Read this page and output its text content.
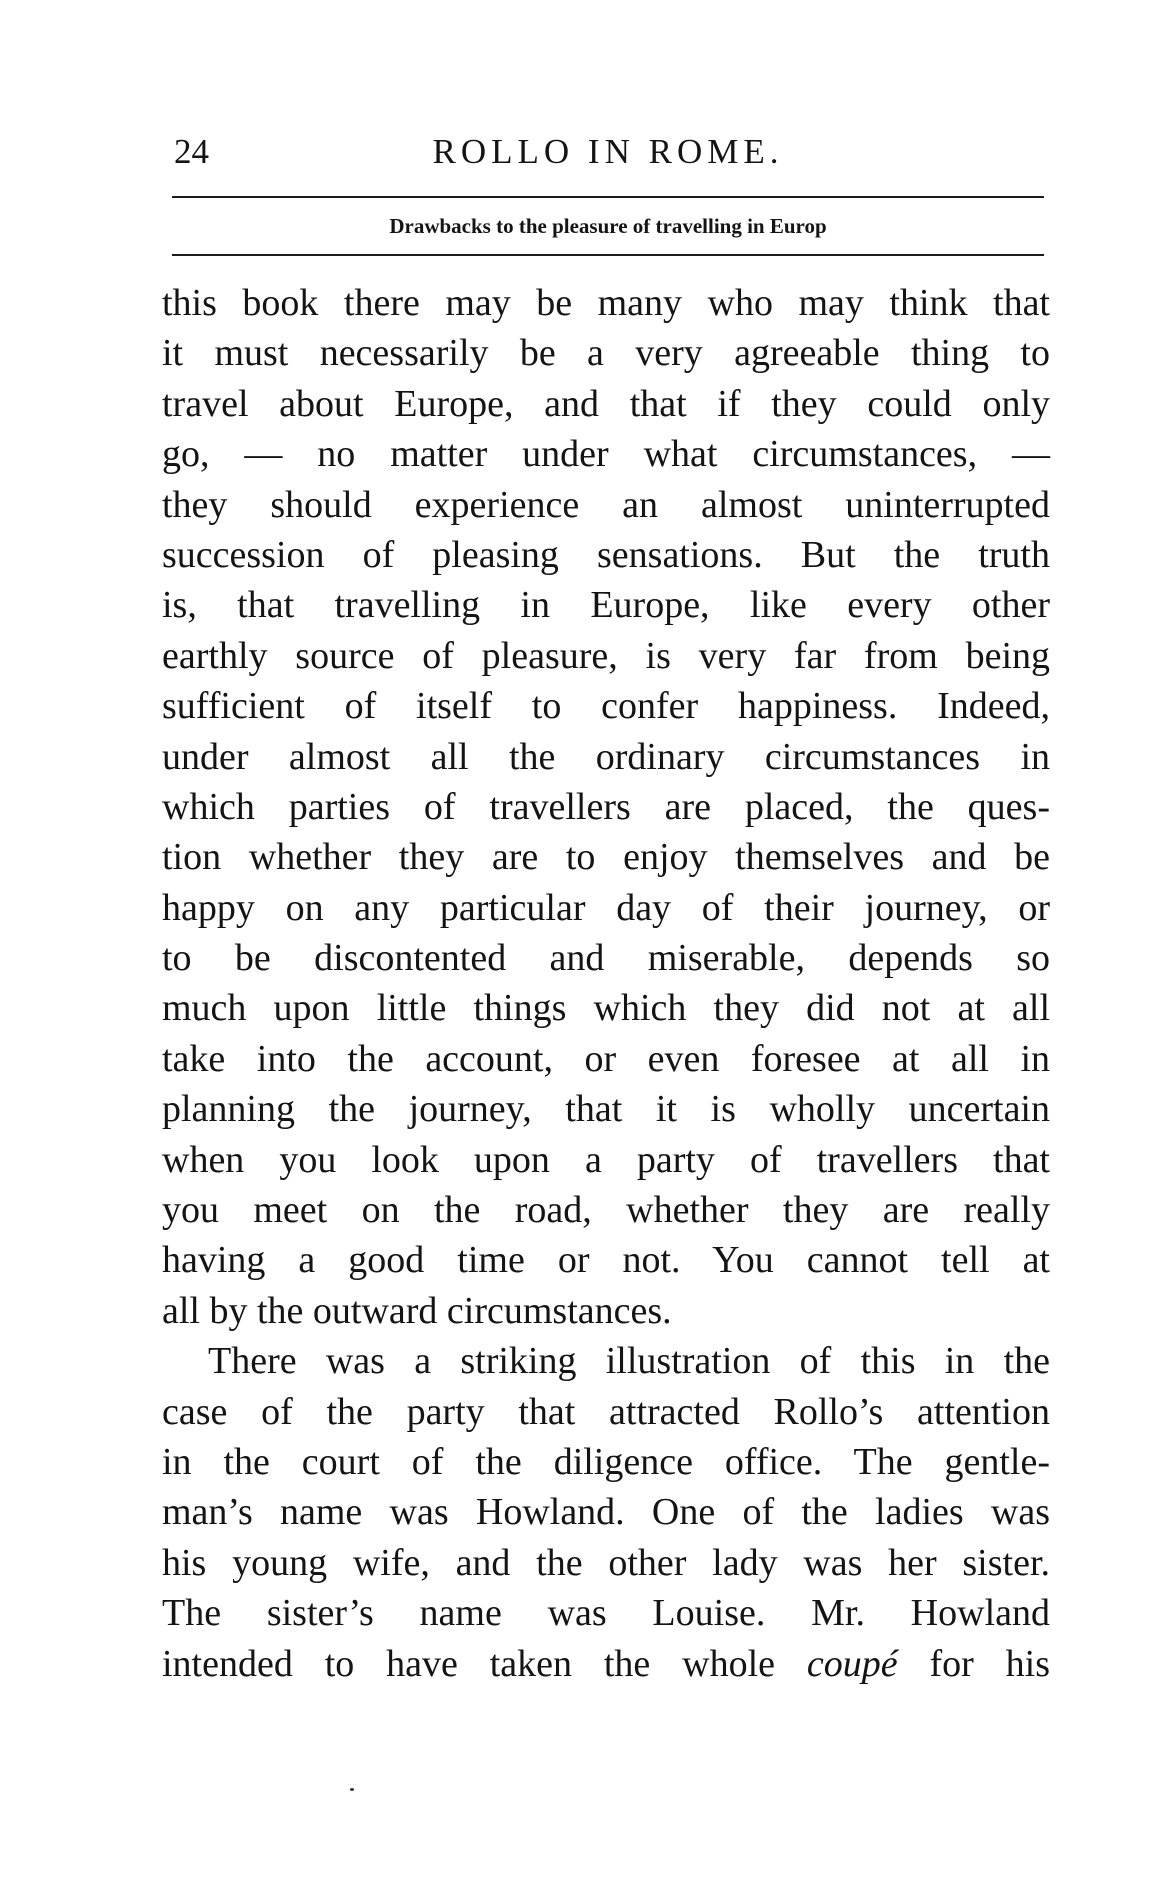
24	ROLLO IN ROME.
Drawbacks to the pleasure of travelling in Europ
this book there may be many who may think that
it must necessarily be a very agreeable thing to
travel about Europe, and that if they could only
go, — no matter under what circumstances, —
they should experience an almost uninterrupted
succession of pleasing sensations. But the truth
is, that travelling in Europe, like every other
earthly source of pleasure, is very far from being
sufficient of itself to confer happiness. Indeed,
under almost all the ordinary circumstances in
which parties of travellers are placed, the ques-
tion whether they are to enjoy themselves and be
happy on any particular day of their journey, or
to be discontented and miserable, depends so
much upon little things which they did not at all
take into the account, or even foresee at all in
planning the journey, that it is wholly uncertain
when you look upon a party of travellers that
you meet on the road, whether they are really
having a good time or not. You cannot tell at
all by the outward circumstances.
There was a striking illustration of this in the
case of the party that attracted Rollo’s attention
in the court of the diligence office. The gentle-
man’s name was Howland. One of the ladies was
his young wife, and the other lady was her sister.
The sister’s name was Louise. Mr. Howland
intended to have taken the whole coupé for his
